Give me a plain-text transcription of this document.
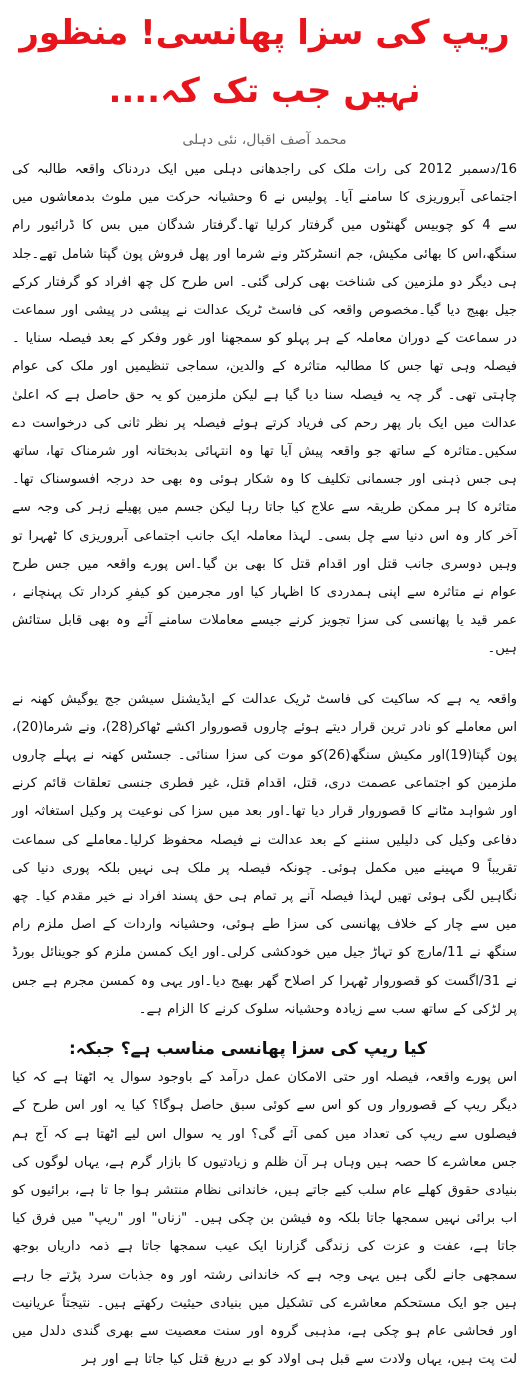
ریپ کی سزا پھانسی! منظور نہیں جب تک کہ....
محمد آصف اقبال، نئی دہلی

16/دسمبر 2012 کی رات ملک کی راجدھانی دہلی میں ایک دردناک واقعہ طالبہ کی اجتماعی آبروریزی کا سامنے آیا۔ پولیس نے 6 وحشیانہ حرکت میں ملوث بدمعاشوں میں سے 4 کو چوبیس گھنٹوں میں گرفتار کرلیا تھا۔گرفتار شدگان میں بس کا ڈرائیور رام سنگھ،اس کا بھائی مکیش، جم انسٹرکٹر ونے شرما اور پھل فروش پون گپتا شامل تھے۔جلد ہی دیگر دو ملزمین کی شناخت بھی کرلی گئی۔ اس طرح کل چھ افراد کو گرفتار کرکے جیل بھیج دیا گیا۔مخصوص واقعہ کی فاسٹ ٹریک عدالت نے پیشی در پیشی اور سماعت در سماعت کے دوران معاملہ کے ہر پہلو کو سمجھنا اور غور وفکر کے بعد فیصلہ سنایا ۔فیصلہ وہی تھا جس کا مطالبہ متاثرہ کے والدین، سماجی تنظیمیں اور ملک کی عوام چاہتی تھی۔ گر چہ یہ فیصلہ سنا دیا گیا ہے لیکن ملزمین کو یہ حق حاصل ہے کہ اعلیٰ عدالت میں ایک بار پھر رحم کی فریاد کرتے ہوئے فیصلہ پر نظر ثانی کی درخواست دے سکیں۔متاثرہ کے ساتھ جو واقعہ پیش آیا تھا وہ انتہائی بدبختانہ اور شرمناک تھا، ساتھ ہی جس ذہنی اور جسمانی تکلیف کا وہ شکار ہوئی وہ بھی حد درجہ افسوسناک تھا۔متاثرہ کا ہر ممکن طریقہ سے علاج کیا جاتا رہا لیکن جسم میں پھیلے زہر کی وجہ سے آخر کار وہ اس دنیا سے چل بسی۔ لہذا معاملہ ایک جانب اجتماعی آبروریزی کا ٹھہرا تو وہیں دوسری جانب قتل اور اقدام قتل کا بھی بن گیا۔اس پورے واقعہ میں جس طرح عوام نے متاثرہ سے اپنی ہمدردی کا اظہار کیا اور مجرمین کو کیفرِ کردار تک پہنچانے ، عمر قید یا پھانسی کی سزا تجویز کرنے جیسے معاملات سامنے آئے وہ بھی قابل ستائش ہیں۔

واقعہ یہ ہے کہ ساکیت کی فاسٹ ٹریک عدالت کے ایڈیشنل سیشن جج یوگیش کھنہ نے اس معاملے کو نادر ترین قرار دیتے ہوئے چاروں قصوروار اکشے ٹھاکر(28)، ونے شرما(20)، پون گپتا(19)اور مکیش سنگھ(26)کو موت کی سزا سنائی۔ جسٹس کھنہ نے پہلے چاروں ملزمین کو اجتماعی عصمت دری، قتل، اقدام قتل، غیر فطری جنسی تعلقات قائم کرنے اور شواہد مٹانے کا قصوروار قرار دیا تھا۔اور بعد میں سزا کی نوعیت پر وکیل استغاثہ اور دفاعی وکیل کی دلیلیں سننے کے بعد عدالت نے فیصلہ محفوظ کرلیا۔معاملے کی سماعت تقریباً 9 مہینے میں مکمل ہوئی۔ چونکہ فیصلہ پر ملک ہی نہیں بلکہ پوری دنیا کی نگاہیں لگی ہوئی تھیں لہذا فیصلہ آنے پر تمام ہی حق پسند افراد نے خیر مقدم کیا۔ چھ میں سے چار کے خلاف پھانسی کی سزا طے ہوئی، وحشیانہ واردات کے اصل ملزم رام سنگھ نے 11/مارچ کو تہاڑ جیل میں خودکشی کرلی۔اور ایک کمسن ملزم کو جوینائل بورڈ نے 31/اگست کو قصوروار ٹھہرا کر اصلاح گھر بھیج دیا۔اور یہی وہ کمسن مجرم ہے جس پر لڑکی کے ساتھ سب سے زیادہ وحشیانہ سلوک کرنے کا الزام ہے۔

کیا ریپ کی سزا پھانسی مناسب ہے؟ جبکہ:

اس پورے واقعہ، فیصلہ اور حتی الامکان عمل درآمد کے باوجود سوال یہ اٹھتا ہے کہ کیا دیگر ریپ کے قصوروار وں کو اس سے کوئی سبق حاصل ہوگا؟ کیا یہ اور اس طرح کے فیصلوں سے ریپ کی تعداد میں کمی آئے گی؟ اور یہ سوال اس لیے اٹھتا ہے کہ آج ہم جس معاشرے کا حصہ ہیں وہاں ہر آن ظلم و زیادتیوں کا بازار گرم ہے، یہاں لوگوں کی بنیادی حقوق کھلے عام سلب کیے جاتے ہیں، خاندانی نظام منتشر ہوا جا تا ہے، برائیوں کو اب برائی نہیں سمجھا جاتا بلکہ وہ فیشن بن چکی ہیں۔ "زناں" اور "ریپ" میں فرق کیا جاتا ہے، عفت و عزت کی زندگی گزارنا ایک عیب سمجھا جاتا ہے ذمہ داریاں بوجھ سمجھی جانے لگی ہیں یہی وجہ ہے کہ خاندانی رشتہ اور وہ جذبات سرد پڑتے جا رہے ہیں جو ایک مستحکم معاشرے کی تشکیل میں بنیادی حیثیت رکھتے ہیں۔ نتیجتاً عریانیت اور فحاشی عام ہو چکی ہے، مذہبی گروہ اور سنت معصیت سے بھری گندی دلدل میں لت پت ہیں، یہاں ولادت سے قبل ہی اولاد کو بے دریغ قتل کیا جاتا ہے اور ہر
